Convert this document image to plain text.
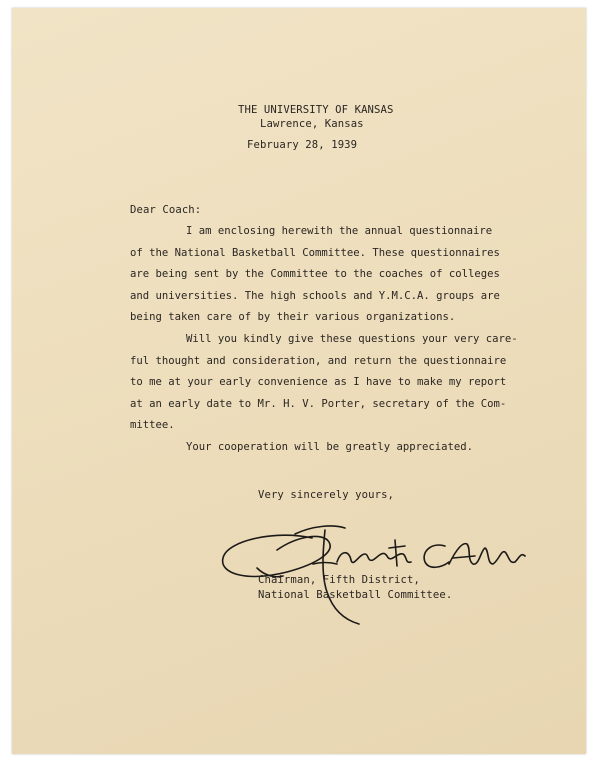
THE UNIVERSITY OF KANSAS
Lawrence, Kansas
February 28, 1939
Dear Coach:
I am enclosing herewith the annual questionnaire
of the National Basketball Committee. These questionnaires
are being sent by the Committee to the coaches of colleges
and universities. The high schools and Y.M.C.A. groups are
being taken care of by their various organizations.
Will you kindly give these questions your very care-
ful thought and consideration, and return the questionnaire
to me at your early convenience as I have to make my report
at an early date to Mr. H. V. Porter, secretary of the Com-
mittee.
Your cooperation will be greatly appreciated.
Very sincerely yours,
Chairman, Fifth District,
National Basketball Committee.
